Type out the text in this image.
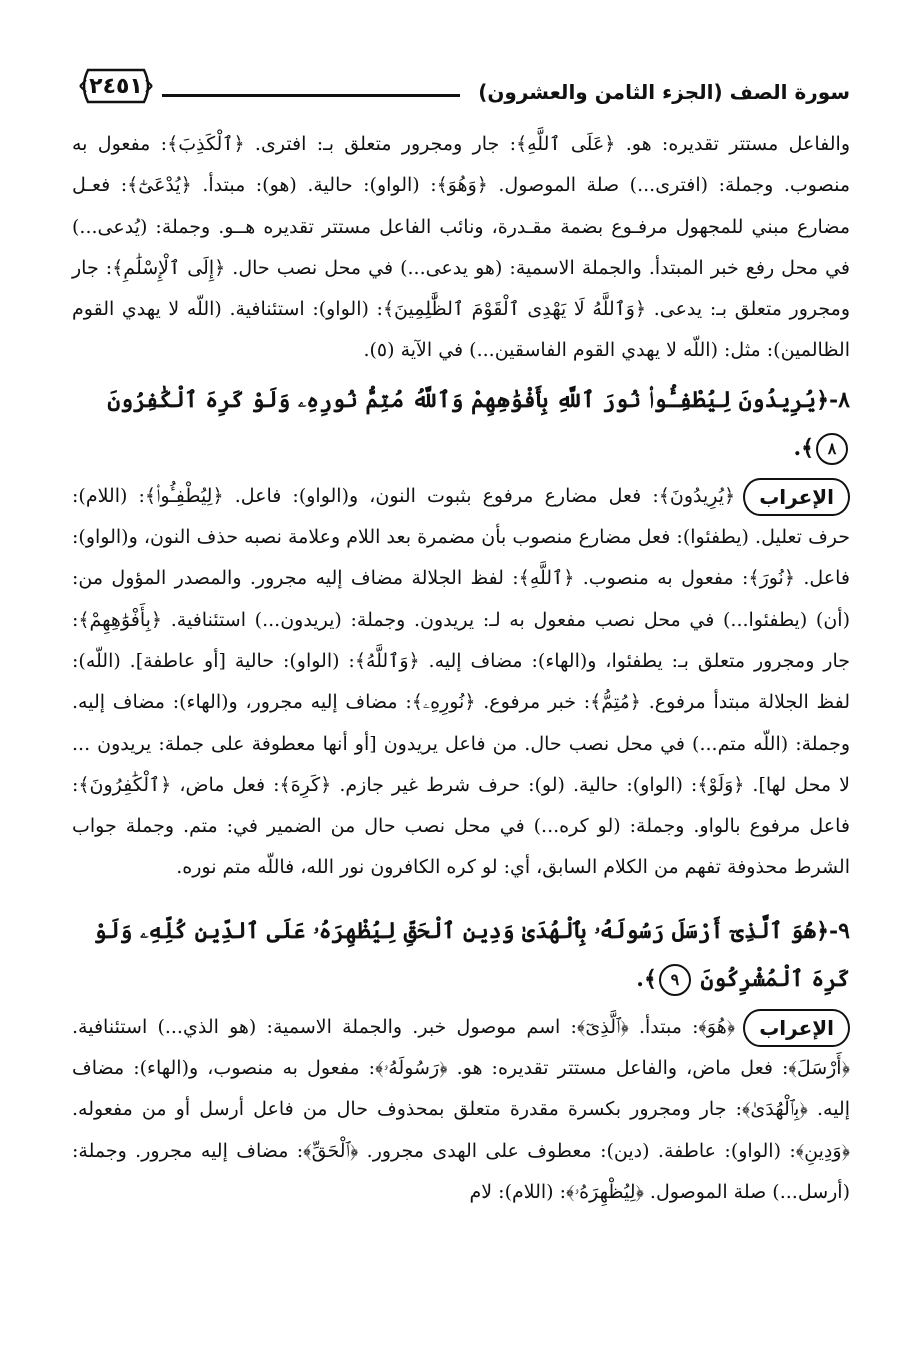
سورة الصف (الجزء الثامن والعشرون)
٢٤٥١

والفاعل مستتر تقديره: هو. ﴿عَلَى ٱللَّهِ﴾: جار ومجرور متعلق بـ: افترى. ﴿ٱلْكَذِبَ﴾: مفعول به منصوب. وجملة: (افترى...) صلة الموصول. ﴿وَهُوَ﴾: (الواو): حالية. (هو): مبتدأ. ﴿يُدْعَىٰٓ﴾: فعـل مضارع مبني للمجهول مرفـوع بضمة مقـدرة، ونائب الفاعل مستتر تقديره هــو. وجملة: (يُدعى...) في محل رفع خبر المبتدأ. والجملة الاسمية: (هو يدعى...) في محل نصب حال. ﴿إِلَى ٱلْإِسْلَٰمِ﴾: جار ومجرور متعلق بـ: يدعى. ﴿وَٱللَّهُ لَا يَهْدِى ٱلْقَوْمَ ٱلظَّٰلِمِينَ﴾: (الواو): استئنافية. (اللّه لا يهدي القوم الظالمين): مثل: (اللّه لا يهدي القوم الفاسقين...) في الآية (٥).

٨-﴿يُرِيدُونَ لِيُطْفِـُٔوا۟ نُورَ ٱللَّهِ بِأَفْوَٰهِهِمْ وَٱللَّهُ مُتِمُّ نُورِهِۦ وَلَوْ كَرِهَ ٱلْكَٰفِرُونَ ٨﴾.

الإعراب﴿يُرِيدُونَ﴾: فعل مضارع مرفوع بثبوت النون، و(الواو): فاعل. ﴿لِيُطْفِـُٔوا۟﴾: (اللام): حرف تعليل. (يطفئوا): فعل مضارع منصوب بأن مضمرة بعد اللام وعلامة نصبه حذف النون، و(الواو): فاعل. ﴿نُورَ﴾: مفعول به منصوب. ﴿ٱللَّهِ﴾: لفظ الجلالة مضاف إليه مجرور. والمصدر المؤول من: (أن) (يطفئوا...) في محل نصب مفعول به لـ: يريدون. وجملة: (يريدون...) استئنافية. ﴿بِأَفْوَٰهِهِمْ﴾: جار ومجرور متعلق بـ: يطفئوا، و(الهاء): مضاف إليه. ﴿وَٱللَّهُ﴾: (الواو): حالية [أو عاطفة]. (اللّه): لفظ الجلالة مبتدأ مرفوع. ﴿مُتِمُّ﴾: خبر مرفوع. ﴿نُورِهِۦ﴾: مضاف إليه مجرور، و(الهاء): مضاف إليه. وجملة: (اللّه متم...) في محل نصب حال. من فاعل يريدون [أو أنها معطوفة على جملة: يريدون ... لا محل لها]. ﴿وَلَوْ﴾: (الواو): حالية. (لو): حرف شرط غير جازم. ﴿كَرِهَ﴾: فعل ماض، ﴿ٱلْكَٰفِرُونَ﴾: فاعل مرفوع بالواو. وجملة: (لو كره...) في محل نصب حال من الضمير في: متم. وجملة جواب الشرط محذوفة تفهم من الكلام السابق، أي: لو كره الكافرون نور الله، فاللّه متم نوره.

٩-﴿هُوَ ٱلَّذِىٓ أَرْسَلَ رَسُولَهُۥ بِٱلْهُدَىٰ وَدِينِ ٱلْحَقِّ لِيُظْهِرَهُۥ عَلَى ٱلدِّينِ كُلِّهِۦ وَلَوْ كَرِهَ ٱلْمُشْرِكُونَ ٩﴾.

الإعراب﴿هُوَ﴾: مبتدأ. ﴿ٱلَّذِىٓ﴾: اسم موصول خبر. والجملة الاسمية: (هو الذي...) استئنافية. ﴿أَرْسَلَ﴾: فعل ماض، والفاعل مستتر تقديره: هو. ﴿رَسُولَهُۥ﴾: مفعول به منصوب، و(الهاء): مضاف إليه. ﴿بِٱلْهُدَىٰ﴾: جار ومجرور بكسرة مقدرة متعلق بمحذوف حال من فاعل أرسل أو من مفعوله. ﴿وَدِينِ﴾: (الواو): عاطفة. (دين): معطوف على الهدى مجرور. ﴿ٱلْحَقِّ﴾: مضاف إليه مجرور. وجملة: (أرسل...) صلة الموصول. ﴿لِيُظْهِرَهُۥ﴾: (اللام): لام
